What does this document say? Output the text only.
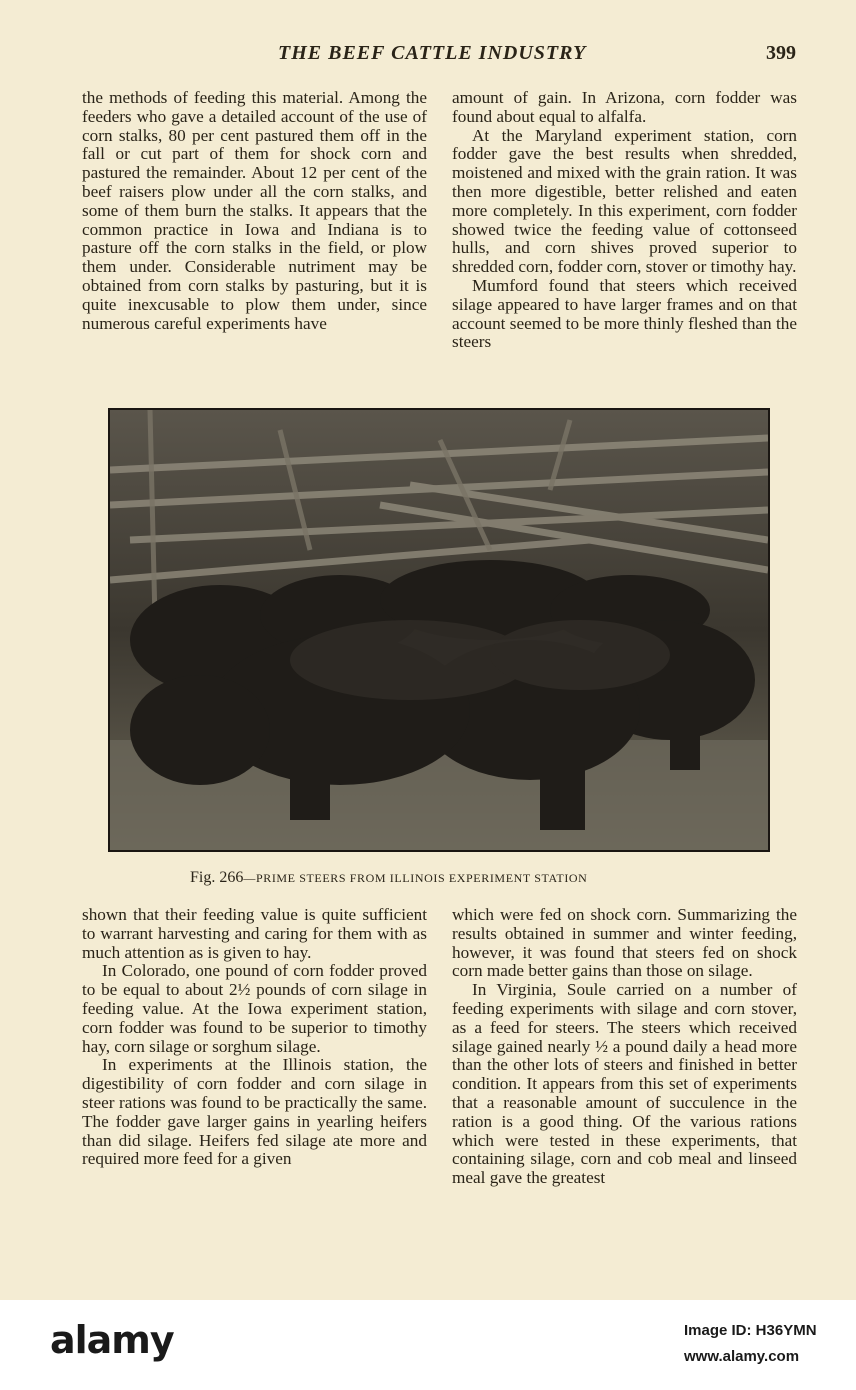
THE BEEF CATTLE INDUSTRY	399

the methods of feeding this material. Among the feeders who gave a detailed account of the use of corn stalks, 80 per cent pastured them off in the fall or cut part of them for shock corn and pastured the remainder. About 12 per cent of the beef raisers plow under all the corn stalks, and some of them burn the stalks. It appears that the common practice in Iowa and Indiana is to pasture off the corn stalks in the field, or plow them under. Considerable nutriment may be obtained from corn stalks by pasturing, but it is quite inexcusable to plow them under, since numerous careful experiments have

amount of gain. In Arizona, corn fodder was found about equal to alfalfa.

At the Maryland experiment station, corn fodder gave the best results when shredded, moistened and mixed with the grain ration. It was then more digestible, better relished and eaten more completely. In this experiment, corn fodder showed twice the feeding value of cottonseed hulls, and corn shives proved superior to shredded corn, fodder corn, stover or timothy hay.

Mumford found that steers which received silage appeared to have larger frames and on that account seemed to be more thinly fleshed than the steers

Fig. 266—PRIME STEERS FROM ILLINOIS EXPERIMENT STATION

shown that their feeding value is quite sufficient to warrant harvesting and caring for them with as much attention as is given to hay.

In Colorado, one pound of corn fodder proved to be equal to about 2½ pounds of corn silage in feeding value. At the Iowa experiment station, corn fodder was found to be superior to timothy hay, corn silage or sorghum silage.

In experiments at the Illinois station, the digestibility of corn fodder and corn silage in steer rations was found to be practically the same. The fodder gave larger gains in yearling heifers than did silage. Heifers fed silage ate more and required more feed for a given

which were fed on shock corn. Summarizing the results obtained in summer and winter feeding, however, it was found that steers fed on shock corn made better gains than those on silage.

In Virginia, Soule carried on a number of feeding experiments with silage and corn stover, as a feed for steers. The steers which received silage gained nearly ½ a pound daily a head more than the other lots of steers and finished in better condition. It appears from this set of experiments that a reasonable amount of succulence in the ration is a good thing. Of the various rations which were tested in these experiments, that containing silage, corn and cob meal and linseed meal gave the greatest

alamy	Image ID: H36YMN
www.alamy.com
